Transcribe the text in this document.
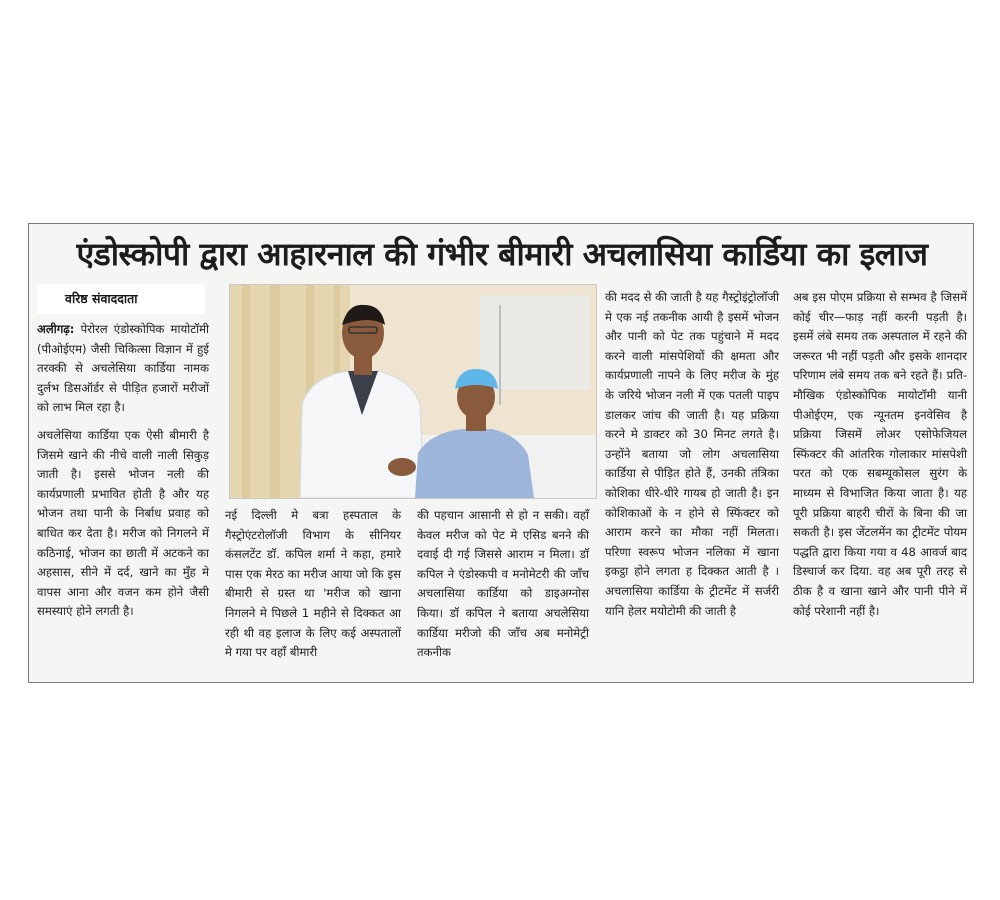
एंडोस्कोपी द्वारा आहारनाल की गंभीर बीमारी अचलासिया कार्डिया का इलाज
वरिष्ठ संवाददाता

अलीगढ़: पेरोरल एंडोस्कोपिक मायोटॉमी (पीओईएम) जैसी चिकित्सा विज्ञान में हुई तरक्की से अचलेसिया कार्डिया नामक दुर्लभ डिसऑर्डर से पीड़ित हजारों मरीजों को लाभ मिल रहा है।

अचलेसिया कार्डिया एक ऐसी बीमारी है जिसमे खाने की नीचे वाली नाली सिकुड़ जाती है। इससे भोजन नली की कार्यप्रणाली प्रभावित होती है और यह भोजन तथा पानी के निर्बाध प्रवाह को बाधित कर देता है। मरीज को निगलने में कठिनाई, भोजन का छाती में अटकने का अहसास, सीने में दर्द, खाने का मुँह मे वापस आना और वजन कम होने जैसी समस्याएं होने लगती है।

नई दिल्ली मे बत्रा हस्पताल के गैस्ट्रोएंटरोलॉजी विभाग के सीनियर कंसलटेंट डॉ. कपिल शर्मा ने कहा, हमारे पास एक मेरठ का मरीज आया जो कि इस बीमारी से ग्रस्त था 'मरीज को खाना निगलने मे पिछले 1 महीने से दिक्कत आ रही थी वह इलाज के लिए कई अस्पतालों मे गया पर वहाँ बीमारी

की पहचान आसानी से हो न सकी। वहाँ केवल मरीज को पेट मे एसिड बनने की दवाई दी गई जिससे आराम न मिला। डॉ कपिल ने एंडोस्कपी व मनोमेटरी की जाँच अचलासिया कार्डिया को डाइअग्नोस किया। डॉ कपिल ने बताया अचलेसिया कार्डिया मरीजो की जाँच अब मनोमेट्री तकनीक

की मदद से की जाती है यह गैस्ट्रोइंट्रोलॉजी मे एक नई तकनीक आयी है इसमें भोजन और पानी को पेट तक पहुंचाने में मदद करने वाली मांसपेशियों की क्षमता और कार्यप्रणाली नापने के लिए मरीज के मुंह के जरिये भोजन नली में एक पतली पाइप डालकर जांच की जाती है। यह प्रक्रिया करने मे डाक्टर को 30 मिनट लगते है। उन्होंने बताया जो लोग अचलासिया कार्डिया से पीड़ित होते हैं, उनकी तंत्रिका कोशिका धीरे-धीरे गायब हो जाती है। इन कोशिकाओं के न होने से स्फिंक्टर को आराम करने का मौका नहीं मिलता। परिणा स्वरूप भोजन नलिका में खाना इकट्ठा होने लगता ह दिक्कत आती है । अचलासिया कार्डिया के ट्रीटमेंट में सर्जरी यानि हेलर मयोटोमी की जाती है

अब इस पोएम प्रक्रिया से सम्भव है जिसमें कोई चीर—फाड़ नहीं करनी पड़ती है। इसमें लंबे समय तक अस्पताल में रहने की जरूरत भी नहीं पड़ती और इसके शानदार परिणाम लंबे समय तक बने रहते हैं। प्रति-मौखिक एंडोस्कोपिक मायोटॉमी यानी पीओईएम, एक न्यूनतम इनवेसिव है प्रक्रिया जिसमें लोअर एसोफेजियल स्फिंक्टर की आंतरिक गोलाकार मांसपेशी परत को एक सबम्यूकोसल सुरंग के माध्यम से विभाजित किया जाता है। यह पूरी प्रक्रिया बाहरी चीरों के बिना की जा सकती है। इस जेंटलमेंन का ट्रीटमेंट पोयम पद्धति द्वारा किया गया व 48 आवर्ज बाद डिस्चार्ज कर दिया. वह अब पूरी तरह से ठीक है व खाना खाने और पानी पीने में कोई परेशानी नहीं है।
